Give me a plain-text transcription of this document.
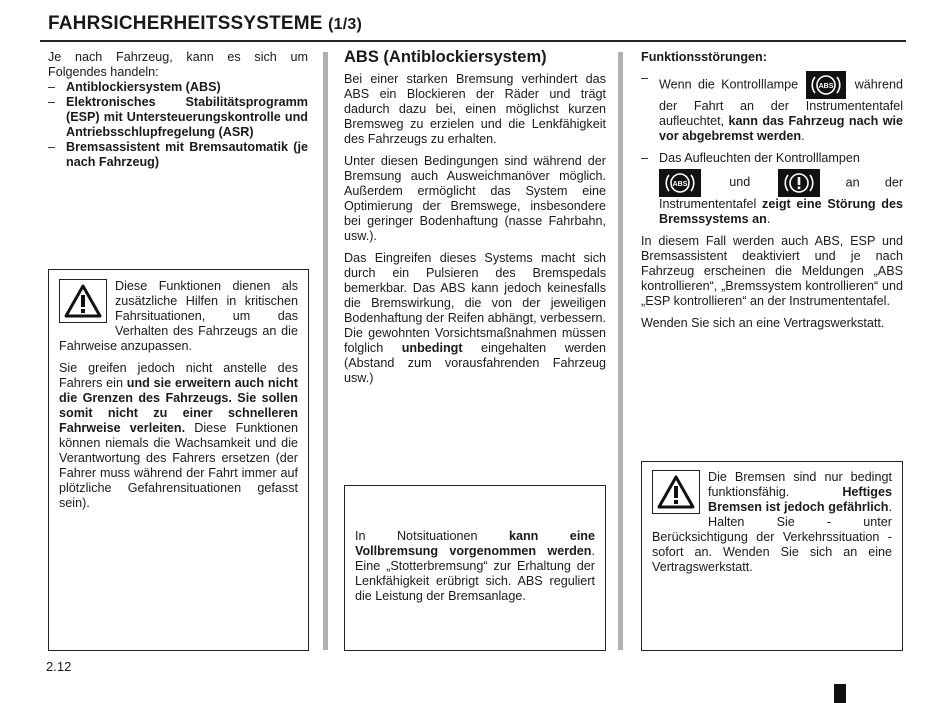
FAHRSICHERHEITSSYSTEME (1/3)

Je nach Fahrzeug, kann es sich um Folgendes handeln:

– Antiblockiersystem (ABS)
– Elektronisches Stabilitätsprogramm (ESP) mit Untersteuerungskontrolle und Antriebsschlupfregelung (ASR)
– Bremsassistent mit Bremsautomatik (je nach Fahrzeug)

Diese Funktionen dienen als zusätzliche Hilfen in kritischen Fahrsituationen, um das Verhalten des Fahrzeugs an die Fahrweise anzupassen.

Sie greifen jedoch nicht anstelle des Fahrers ein und sie erweitern auch nicht die Grenzen des Fahrzeugs. Sie sollen somit nicht zu einer schnelleren Fahrweise verleiten. Diese Funktionen können niemals die Wachsamkeit und die Verantwortung des Fahrers ersetzen (der Fahrer muss während der Fahrt immer auf plötzliche Gefahrensituationen gefasst sein).

ABS (Antiblockiersystem)

Bei einer starken Bremsung verhindert das ABS ein Blockieren der Räder und trägt dadurch dazu bei, einen möglichst kurzen Bremsweg zu erzielen und die Lenkfähigkeit des Fahrzeugs zu erhalten.

Unter diesen Bedingungen sind während der Bremsung auch Ausweichmanöver möglich. Außerdem ermöglicht das System eine Optimierung der Bremswege, insbesondere bei geringer Bodenhaftung (nasse Fahrbahn, usw.).

Das Eingreifen dieses Systems macht sich durch ein Pulsieren des Bremspedals bemerkbar. Das ABS kann jedoch keinesfalls die Bremswirkung, die von der jeweiligen Bodenhaftung der Reifen abhängt, verbessern. Die gewohnten Vorsichtsmaßnahmen müssen folglich unbedingt eingehalten werden (Abstand zum vorausfahrenden Fahrzeug usw.)

In Notsituationen kann eine Vollbremsung vorgenommen werden. Eine „Stotterbremsung“ zur Erhaltung der Lenkfähigkeit erübrigt sich. ABS reguliert die Leistung der Bremsanlage.

Funktionsstörungen:

– Wenn die Kontrolllampe	ABS während der Fahrt an der Instrumententafel aufleuchtet, kann das Fahrzeug nach wie vor abgebremst werden.
– Das Aufleuchten der Kontrolllampen
ABS	und	an der Instrumententafel zeigt eine Störung des Bremssystems an.

In diesem Fall werden auch ABS, ESP und Bremsassistent deaktiviert und je nach Fahrzeug erscheinen die Meldungen „ABS kontrollieren“, „Bremssystem kontrollieren“ und „ESP kontrollieren“ an der Instrumententafel.

Wenden Sie sich an eine Vertragswerkstatt.

Die Bremsen sind nur bedingt funktionsfähig. Heftiges Bremsen ist jedoch gefährlich. Halten Sie - unter Berücksichtigung der Verkehrssituation - sofort an. Wenden Sie sich an eine Vertragswerkstatt.

2.12
